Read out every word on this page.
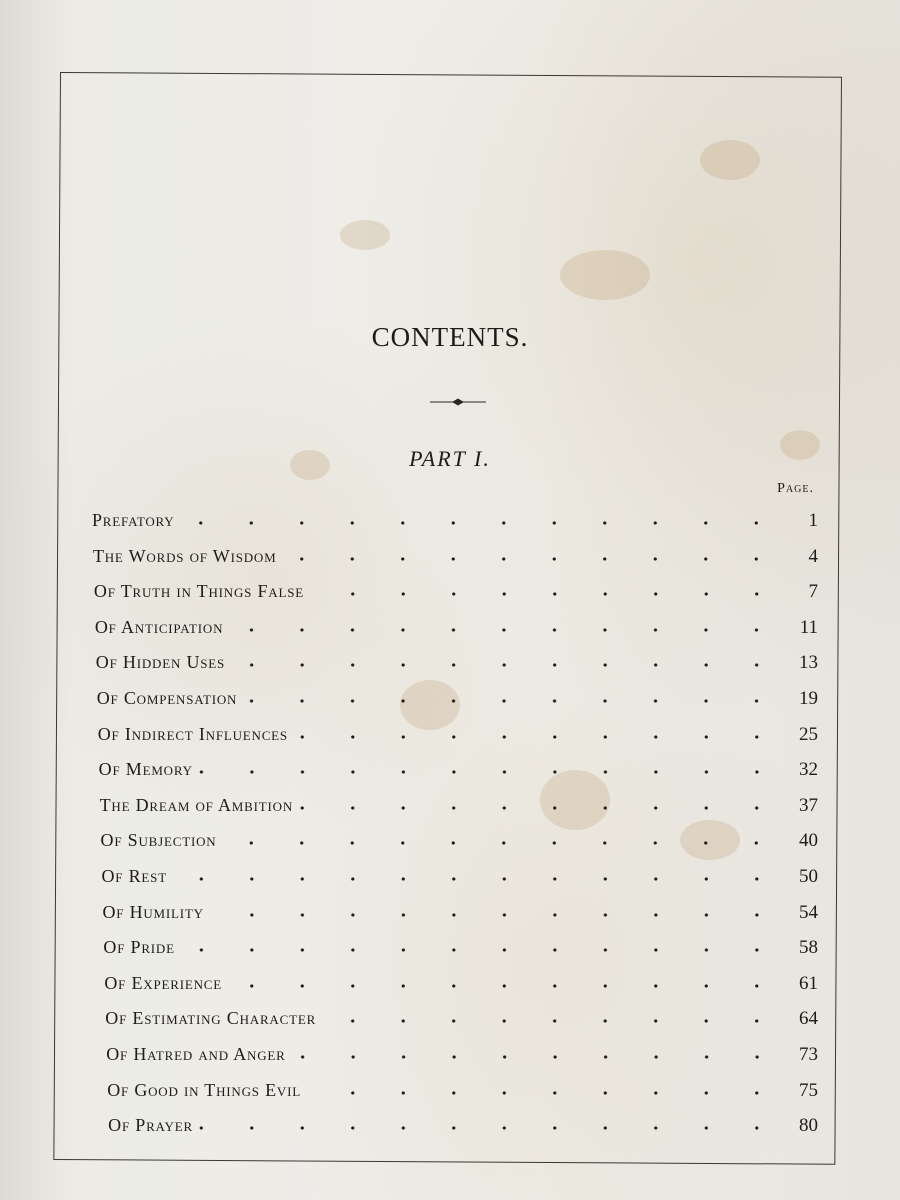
CONTENTS.
PART I.
Page.
Prefatory	1
The Words of Wisdom	4
Of Truth in Things False	7
Of Anticipation	11
Of Hidden Uses	13
Of Compensation	19
Of Indirect Influences	25
Of Memory	32
The Dream of Ambition	37
Of Subjection	40
Of Rest	50
Of Humility	54
Of Pride	58
Of Experience	61
Of Estimating Character	64
Of Hatred and Anger	73
Of Good in Things Evil	75
Of Prayer	80
